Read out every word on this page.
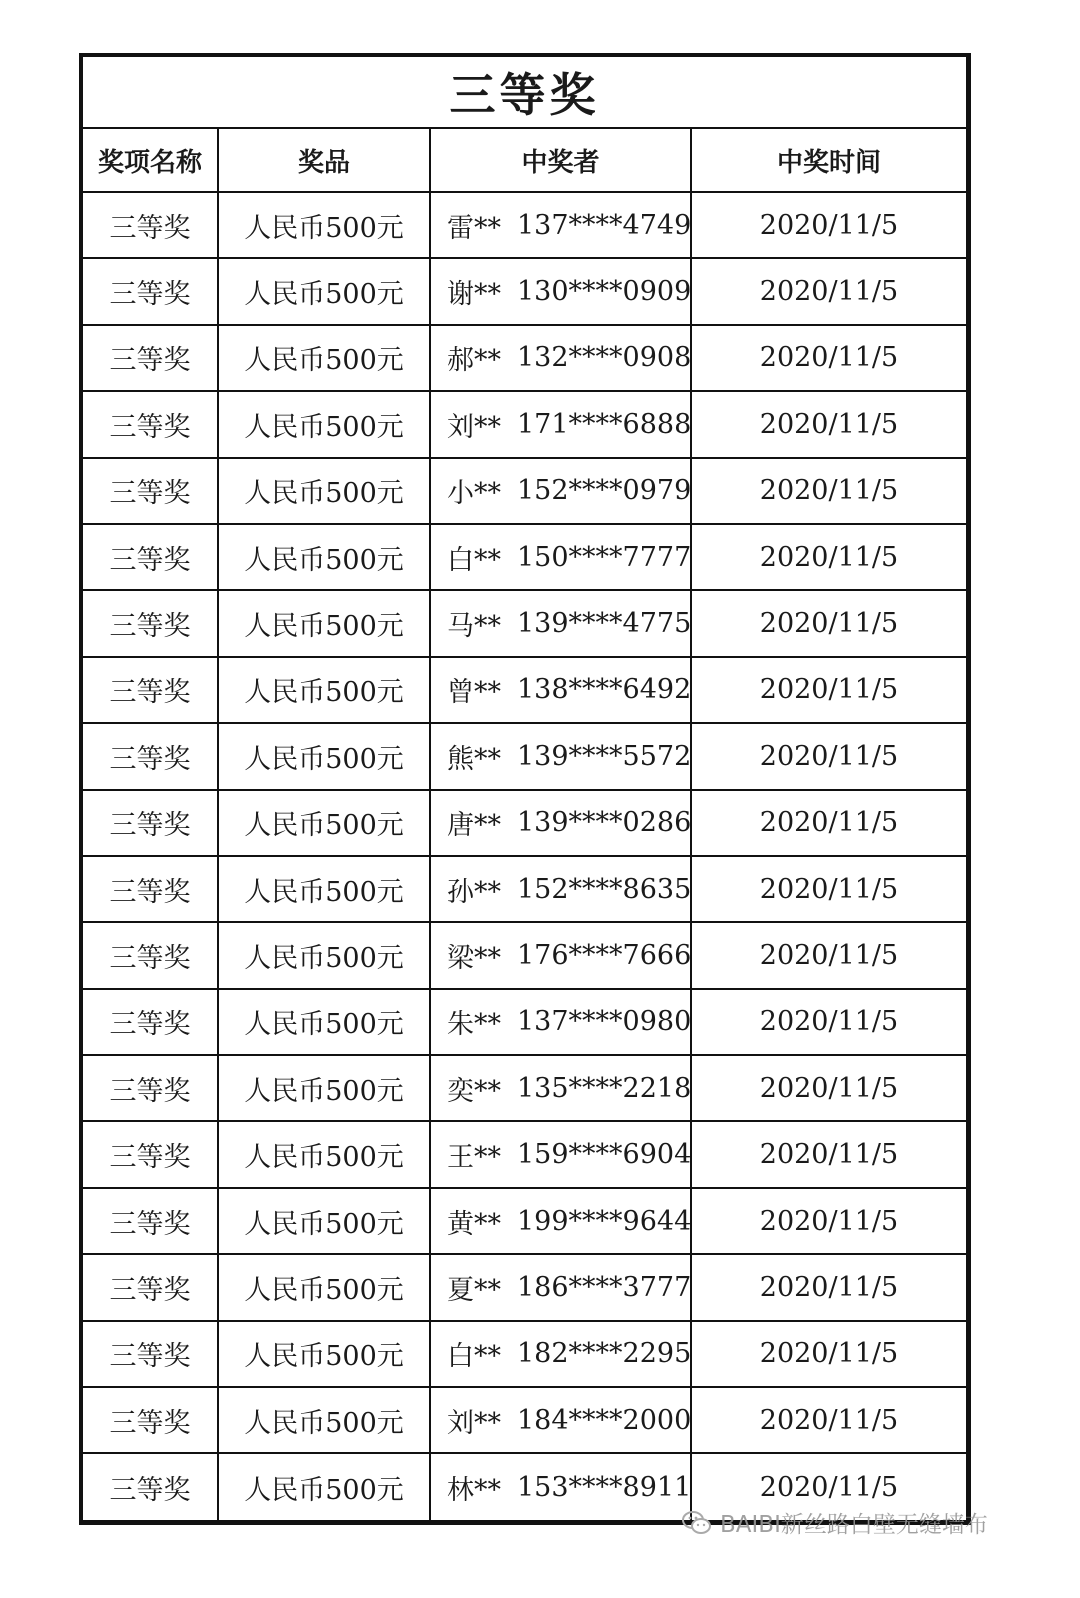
三等奖
奖项名称	奖品	中奖者	中奖时间
三等奖	人民币500元	雷** 137****4749	2020/11/5
三等奖	人民币500元	谢** 130****0909	2020/11/5
三等奖	人民币500元	郝** 132****0908	2020/11/5
三等奖	人民币500元	刘** 171****6888	2020/11/5
三等奖	人民币500元	小** 152****0979	2020/11/5
三等奖	人民币500元	白** 150****7777	2020/11/5
三等奖	人民币500元	马** 139****4775	2020/11/5
三等奖	人民币500元	曾** 138****6492	2020/11/5
三等奖	人民币500元	熊** 139****5572	2020/11/5
三等奖	人民币500元	唐** 139****0286	2020/11/5
三等奖	人民币500元	孙** 152****8635	2020/11/5
三等奖	人民币500元	梁** 176****7666	2020/11/5
三等奖	人民币500元	朱** 137****0980	2020/11/5
三等奖	人民币500元	奕** 135****2218	2020/11/5
三等奖	人民币500元	王** 159****6904	2020/11/5
三等奖	人民币500元	黄** 199****9644	2020/11/5
三等奖	人民币500元	夏** 186****3777	2020/11/5
三等奖	人民币500元	白** 182****2295	2020/11/5
三等奖	人民币500元	刘** 184****2000	2020/11/5
三等奖	人民币500元	林** 153****8911	2020/11/5
BAIBI新丝路白壁无缝墙布
